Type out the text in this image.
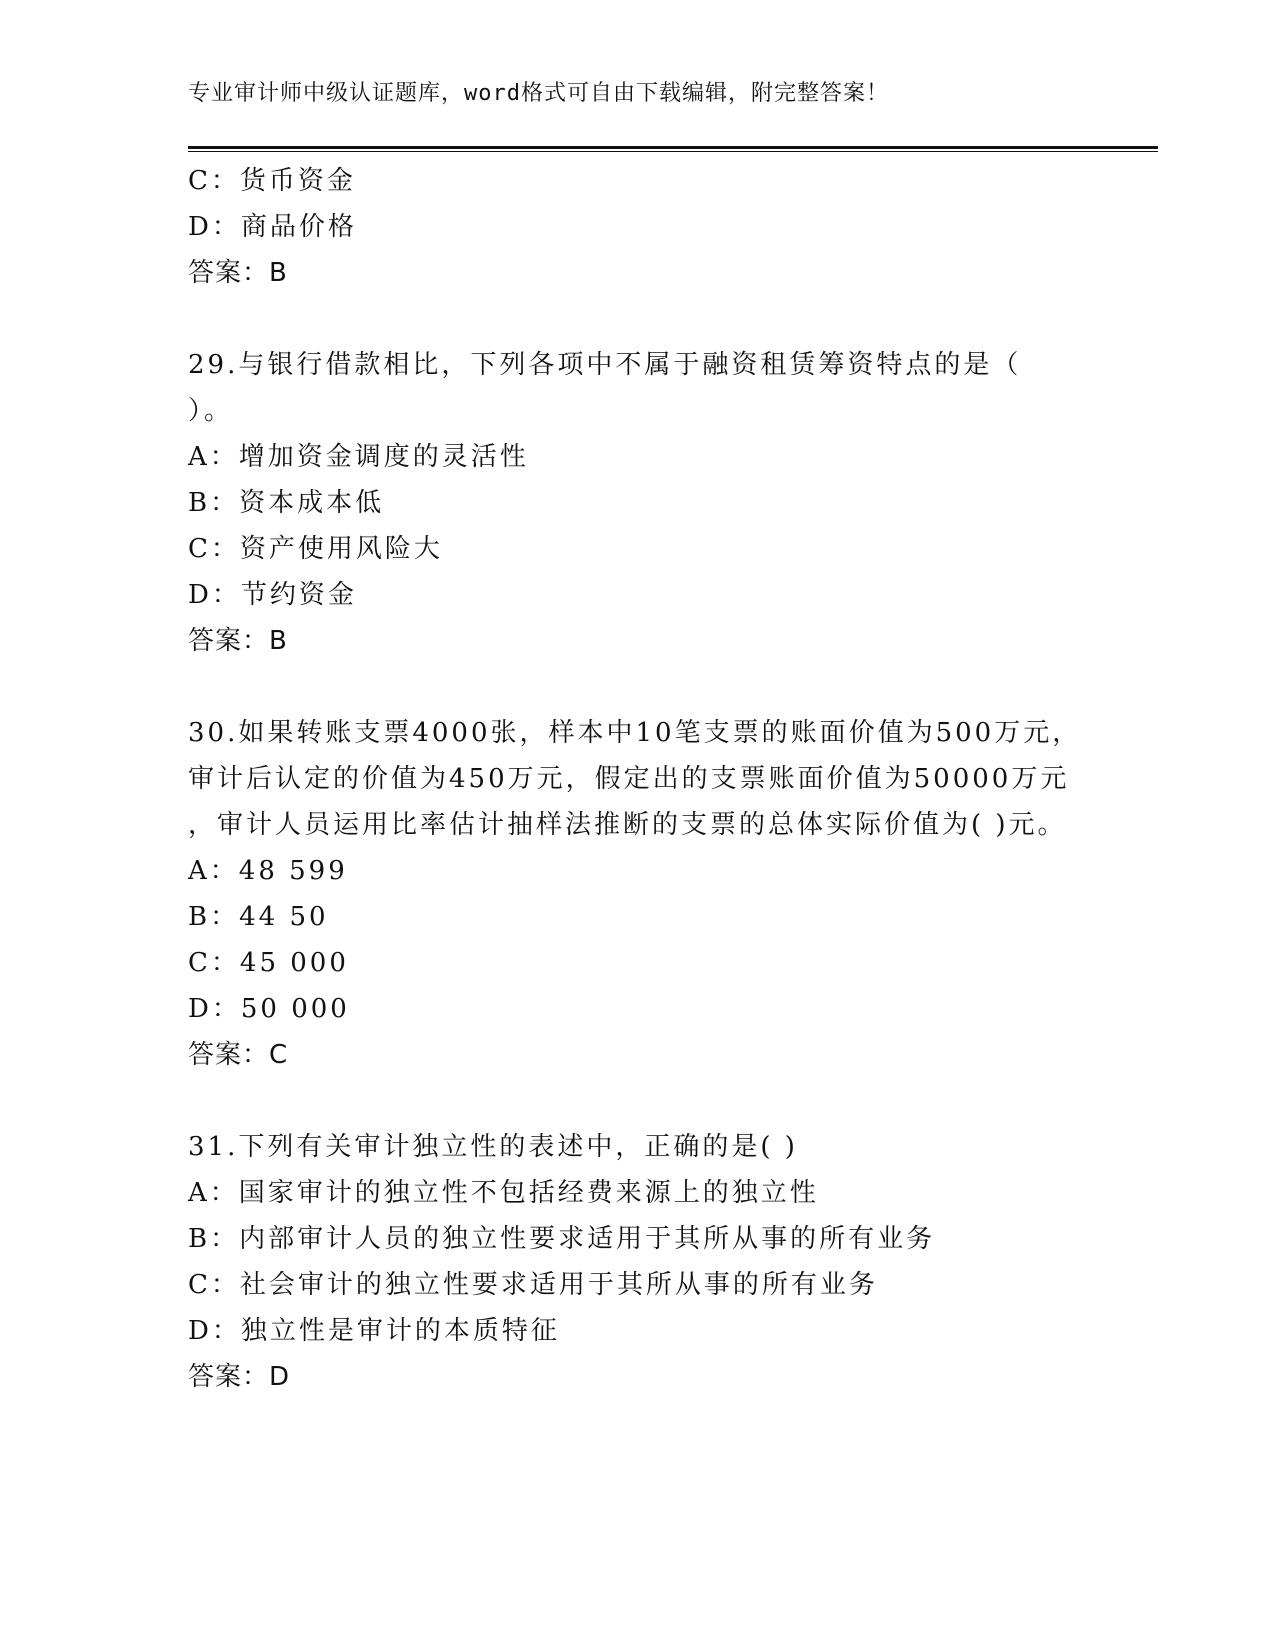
专业审计师中级认证题库，word格式可自由下载编辑，附完整答案！
C：货币资金
D：商品价格
答案：B
29.与银行借款相比，下列各项中不属于融资租赁筹资特点的是（
）。
A：增加资金调度的灵活性
B：资本成本低
C：资产使用风险大
D：节约资金
答案：B
30.如果转账支票4000张，样本中10笔支票的账面价值为500万元，
审计后认定的价值为450万元，假定出的支票账面价值为50000万元
，审计人员运用比率估计抽样法推断的支票的总体实际价值为( )元。
A：48 599
B：44 50
C：45 000
D：50 000
答案：C
31.下列有关审计独立性的表述中，正确的是( )
A：国家审计的独立性不包括经费来源上的独立性
B：内部审计人员的独立性要求适用于其所从事的所有业务
C：社会审计的独立性要求适用于其所从事的所有业务
D：独立性是审计的本质特征
答案：D
